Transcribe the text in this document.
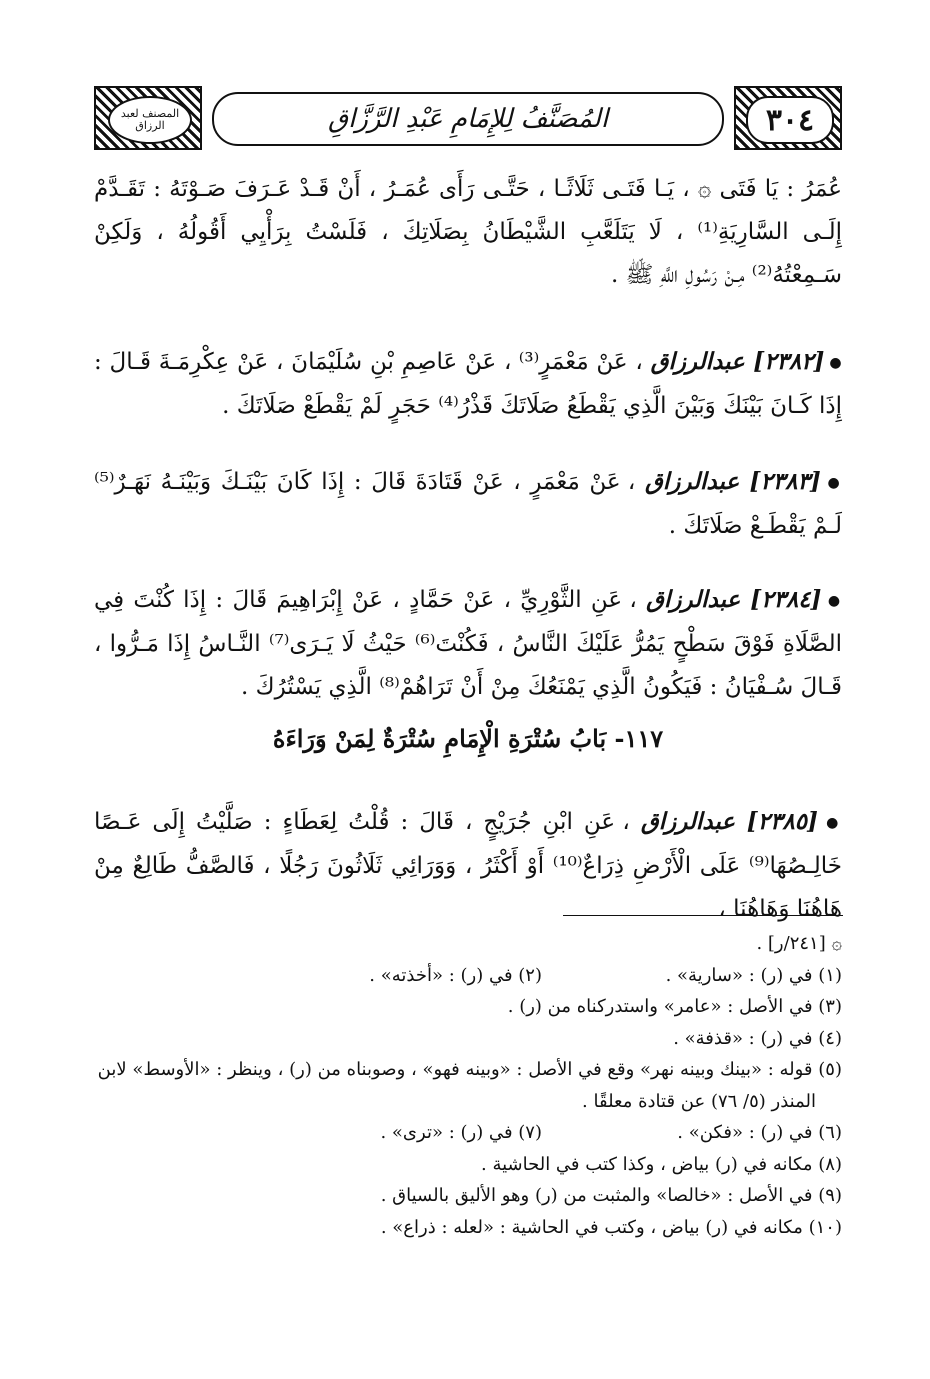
المصنف لعبد الرزاق	المُصَنَّفُ لِلإِمَامِ عَبْدِ الرَّزَّاقِ	٣٠٤

عُمَرُ : يَا فَتَى ۞ ، يَـا فَتَـى ثَلَاثًـا ، حَتَّـى رَأَى عُمَـرُ ، أَنْ قَـدْ عَـرَفَ صَـوْتَهُ : تَقَـدَّمْ إِلَـى السَّارِيَةِ⁽¹⁾ ، لَا يَتَلَعَّبِ الشَّيْطَانُ بِصَلَاتِكَ ، فَلَسْتُ بِرَأْيِي أَقُولُهُ ، وَلَكِنْ سَـمِعْتُهُ⁽²⁾ مِـنْ رَسُولِ اللَّهِ ﷺ .

● [٢٣٨٢] عبدالرزاق ، عَنْ مَعْمَرٍ⁽³⁾ ، عَنْ عَاصِمِ بْنِ سُلَيْمَانَ ، عَنْ عِكْرِمَـةَ قَـالَ : إِذَا كَـانَ بَيْنَكَ وَبَيْنَ الَّذِي يَقْطَعُ صَلَاتَكَ قَذْرُ⁽⁴⁾ حَجَرٍ لَمْ يَقْطَعْ صَلَاتَكَ .

● [٢٣٨٣] عبدالرزاق ، عَنْ مَعْمَرٍ ، عَنْ قَتَادَةَ قَالَ : إِذَا كَانَ بَيْنَـكَ وَبَيْنَـهُ نَهَـرٌ⁽⁵⁾ لَـمْ يَقْطَـعْ صَلَاتَكَ .

● [٢٣٨٤] عبدالرزاق ، عَنِ الثَّوْرِيِّ ، عَنْ حَمَّادٍ ، عَنْ إِبْرَاهِيمَ قَالَ : إِذَا كُنْتَ فِي الصَّلَاةِ فَوْقَ سَطْحٍ يَمُرُّ عَلَيْكَ النَّاسُ ، فَكُنْتَ⁽⁶⁾ حَيْثُ لَا يَـرَى⁽⁷⁾ النَّـاسُ إِذَا مَـرُّوا ، قَـالَ سُـفْيَانُ : فَيَكُونُ الَّذِي يَمْنَعُكَ مِنْ أَنْ تَرَاهُمْ⁽⁸⁾ الَّذِي يَسْتُرُكَ .

١١٧- بَابُ سُتْرَةِ الْإِمَامِ سُتْرَةٌ لِمَنْ وَرَاءَهُ

● [٢٣٨٥] عبدالرزاق ، عَنِ ابْنِ جُرَيْجٍ ، قَالَ : قُلْتُ لِعَطَاءٍ : صَلَّيْتُ إِلَى عَـصًا خَالِـصُهَا⁽⁹⁾ عَلَى الْأَرْضِ ذِرَاعٌ⁽¹⁰⁾ أَوْ أَكْثَرُ ، وَوَرَائِي ثَلَاثُونَ رَجُلًا ، فَالصَّفُّ طَالِعٌ مِنْ هَاهُنَا وَهَاهُنَا ،

۞ [٢٤١/ر] .

(١) في (ر) : «سارية» .

(٢) في (ر) : «أخذته» .

(٣) في الأصل : «عامر» واستدركناه من (ر) .

(٤) في (ر) : «قذفة» .

(٥) قوله : «بينك وبينه نهر» وقع في الأصل : «وبينه فهو» ، وصوبناه من (ر) ، وينظر : «الأوسط» لابن

المنذر (٥/ ٧٦) عن قتادة معلقًا .

(٦) في (ر) : «فكن» .

(٧) في (ر) : «ترى» .

(٨) مكانه في (ر) بياض ، وكذا كتب في الحاشية .

(٩) في الأصل : «خالصا» والمثبت من (ر) وهو الأليق بالسياق .

(١٠) مكانه في (ر) بياض ، وكتب في الحاشية : «لعله : ذراع» .
